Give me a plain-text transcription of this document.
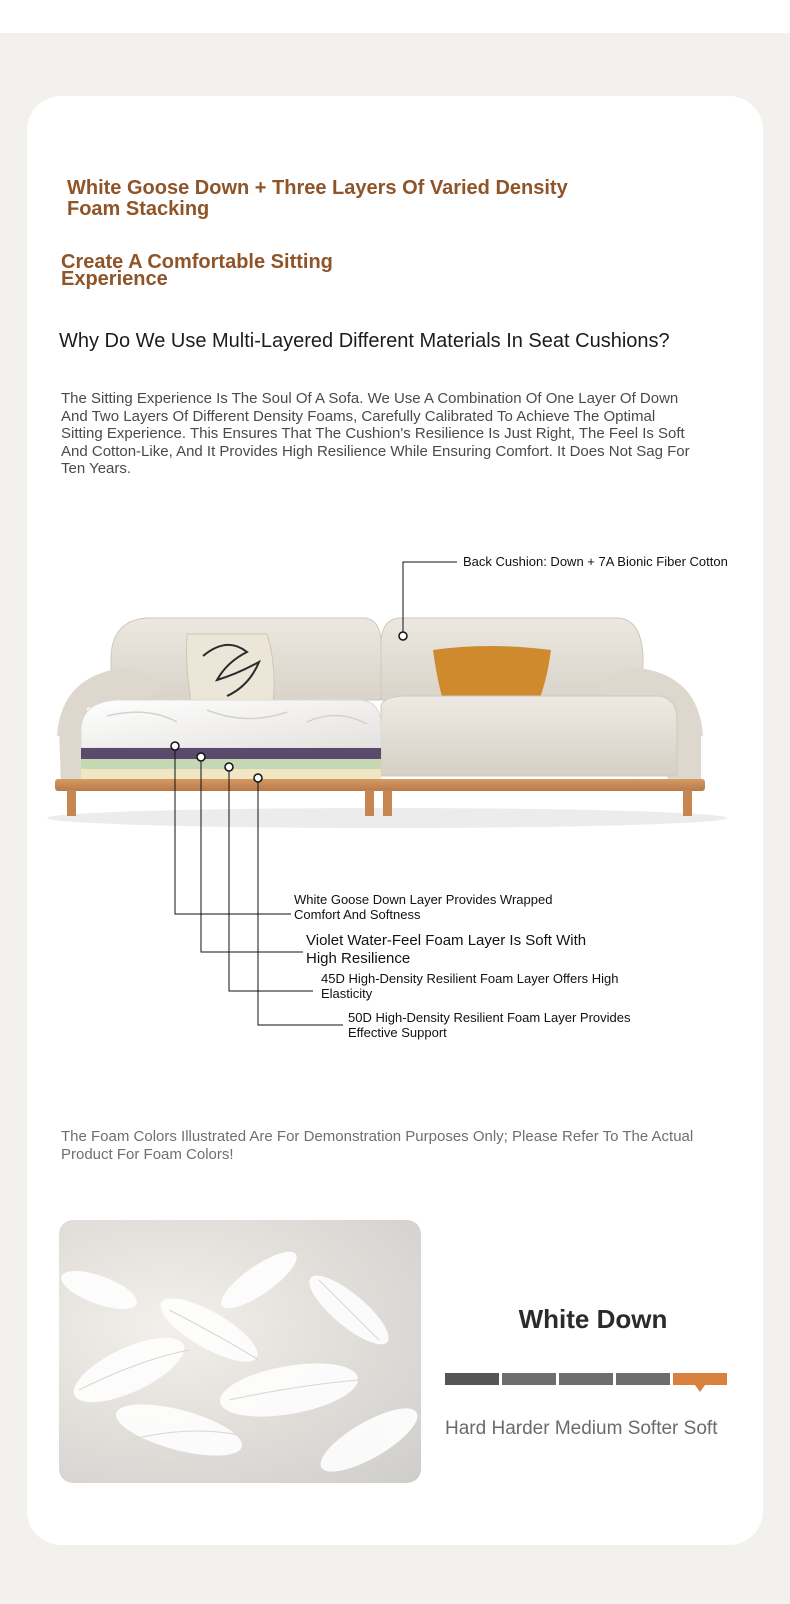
White Goose Down + Three Layers Of Varied Density Foam Stacking
Create A Comfortable Sitting Experience
Why Do We Use Multi-Layered Different Materials In Seat Cushions?
The Sitting Experience Is The Soul Of A Sofa. We Use A Combination Of One Layer Of Down And Two Layers Of Different Density Foams, Carefully Calibrated To Achieve The Optimal Sitting Experience. This Ensures That The Cushion's Resilience Is Just Right, The Feel Is Soft And Cotton-Like, And It Provides High Resilience While Ensuring Comfort. It Does Not Sag For Ten Years.
Back Cushion: Down + 7A Bionic Fiber Cotton
White Goose Down Layer Provides Wrapped Comfort And Softness
Violet Water-Feel Foam Layer Is Soft With High Resilience
45D High-Density Resilient Foam Layer Offers High Elasticity
50D High-Density Resilient Foam Layer Provides Effective Support
The Foam Colors Illustrated Are For Demonstration Purposes Only; Please Refer To The Actual Product For Foam Colors!
White Down
Hard Harder Medium Softer Soft
